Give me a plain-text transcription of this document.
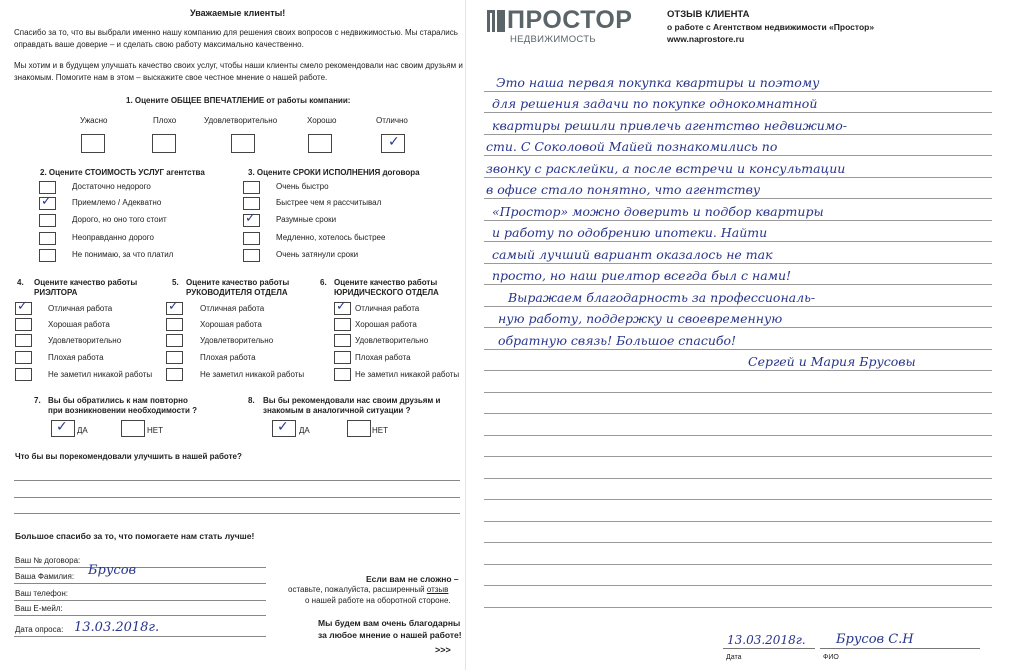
Уважаемые клиенты!
Спасибо за то, что вы выбрали именно нашу компанию для решения своих вопросов с недвижимостью. Мы старались
оправдать ваше доверие – и сделать свою работу максимально качественно.
Мы хотим и в будущем улучшать качество своих услуг, чтобы наши клиенты смело рекомендовали нас своим друзьям и
знакомым. Помогите нам в этом – выскажите свое честное мнение о нашей работе.
1. Оцените ОБЩЕЕ ВПЕЧАТЛЕНИЕ от работы компании:
Ужасно	Плохо	Удовлетворительно	Хорошо	Отлично
✓
2. Оцените СТОИМОСТЬ УСЛУГ агентства
Достаточно недорого
✓	Приемлемо / Адекватно
Дорого, но оно того стоит
Неоправданно дорого
Не понимаю, за что платил
3. Оцените СРОКИ ИСПОЛНЕНИЯ договора
Очень быстро
Быстрее чем я рассчитывал
✓	Разумные сроки
Медленно, хотелось быстрее
Очень затянули сроки
4. Оцените качество работы
РИЭЛТОРА
✓	Отличная работа
Хорошая работа
Удовлетворительно
Плохая работа
Не заметил никакой работы
5. Оцените качество работы
РУКОВОДИТЕЛЯ ОТДЕЛА
✓	Отличная работа
Хорошая работа
Удовлетворительно
Плохая работа
Не заметил никакой работы
6. Оцените качество работы
ЮРИДИЧЕСКОГО ОТДЕЛА
✓ Отличная работа
Хорошая работа
Удовлетворительно
Плохая работа
Не заметил никакой работы
7. Вы бы обратились к нам повторно
при возникновении необходимости ?
✓ ДА	НЕТ
8. Вы бы рекомендовали нас своим друзьям и
знакомым в аналогичной ситуации ?
✓ ДА	НЕТ
Что бы вы порекомендовали улучшить в нашей работе?
Большое спасибо за то, что помогаете нам стать лучше!
Ваш № договора:
Ваша Фамилия: Брусов
Ваш телефон:
Ваш E-мейл:
Дата опроса: 13.03.2018г.
Если вам не сложно –
оставьте, пожалуйста, расширенный отзыв
о нашей работе на оборотной стороне.
Мы будем вам очень благодарны
за любое мнение о нашей работе!
>>>
ПРОСТОР
НЕДВИЖИМОСТЬ
ОТЗЫВ КЛИЕНТА
о работе с Агентством недвижимости «Простор»
www.naprostore.ru
Это наша первая покупка квартиры и поэтому
для решения задачи по покупке однокомнатной
квартиры решили привлечь агентство недвижимо-
сти. С Соколовой Майей познакомились по
звонку с расклейки, а после встречи и консультации
в офисе стало понятно, что агентству
«Простор» можно доверить и подбор квартиры
и работу по одобрению ипотеки. Найти
самый лучший вариант оказалось не так
просто, но наш риелтор всегда был с нами!
Выражаем благодарность за профессиональ-
ную работу, поддержку и своевременную
обратную связь! Большое спасибо!
Сергей и Мария Брусовы
13.03.2018г.
Дата
Брусов С.Н
ФИО
